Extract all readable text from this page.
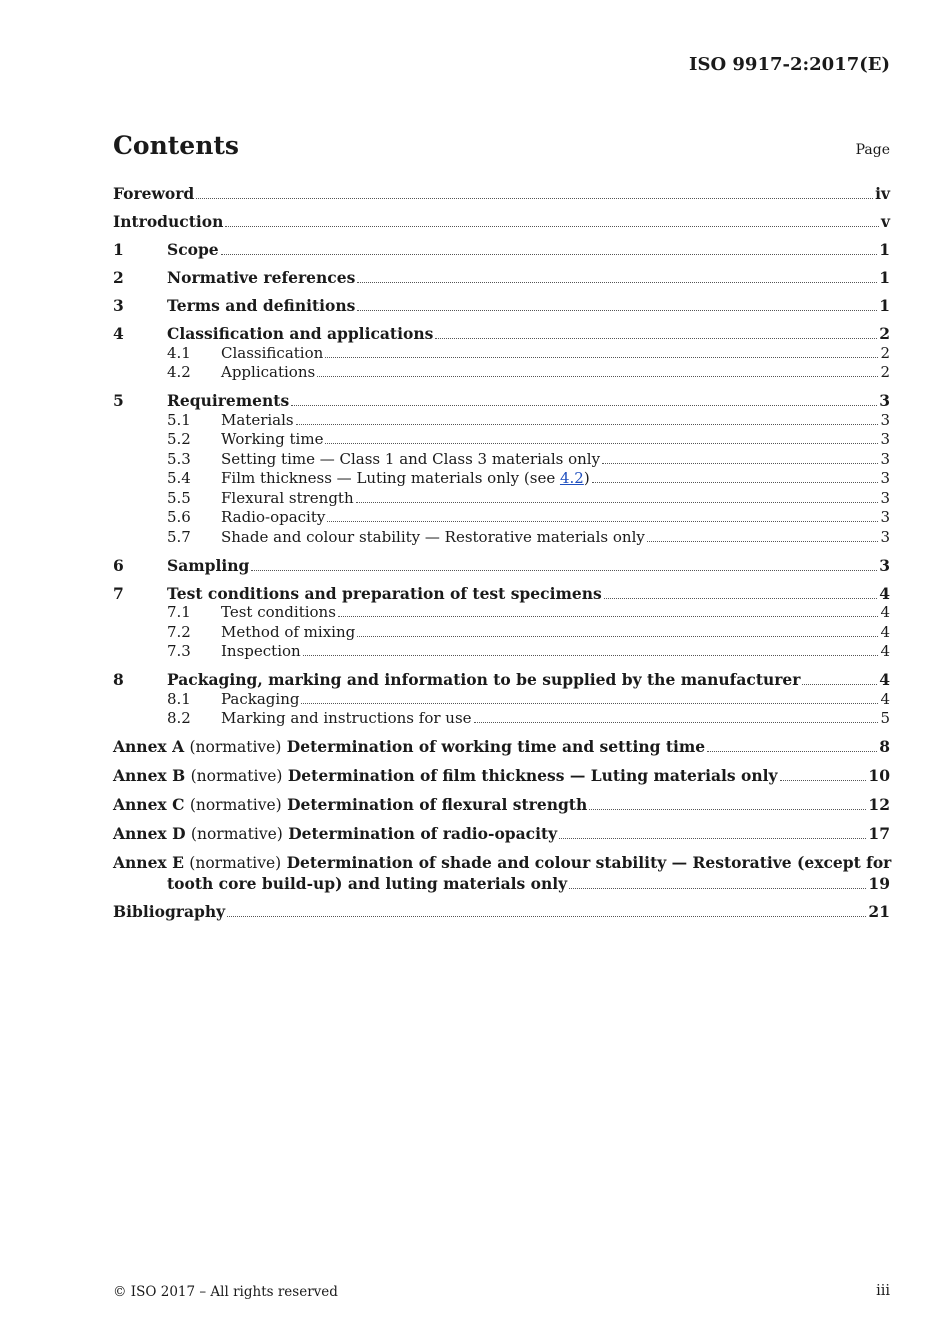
ISO 9917-2:2017(E)
Contents	Page
Foreword	iv
Introduction	v
1	Scope	1
2	Normative references	1
3	Terms and definitions	1
4	Classification and applications	2
4.1	Classification	2
4.2	Applications	2
5	Requirements	3
5.1	Materials	3
5.2	Working time	3
5.3	Setting time — Class 1 and Class 3 materials only	3
5.4	Film thickness — Luting materials only (see 4.2)	3
5.5	Flexural strength	3
5.6	Radio-opacity	3
5.7	Shade and colour stability — Restorative materials only	3
6	Sampling	3
7	Test conditions and preparation of test specimens	4
7.1	Test conditions	4
7.2	Method of mixing	4
7.3	Inspection	4
8	Packaging, marking and information to be supplied by the manufacturer	4
8.1	Packaging	4
8.2	Marking and instructions for use	5
Annex A (normative) Determination of working time and setting time	8
Annex B (normative) Determination of film thickness — Luting materials only	10
Annex C (normative) Determination of flexural strength	12
Annex D (normative) Determination of radio-opacity	17
Annex E (normative) Determination of shade and colour stability — Restorative (except for
tooth core build-up) and luting materials only	19
Bibliography	21
© ISO 2017 – All rights reserved	iii
